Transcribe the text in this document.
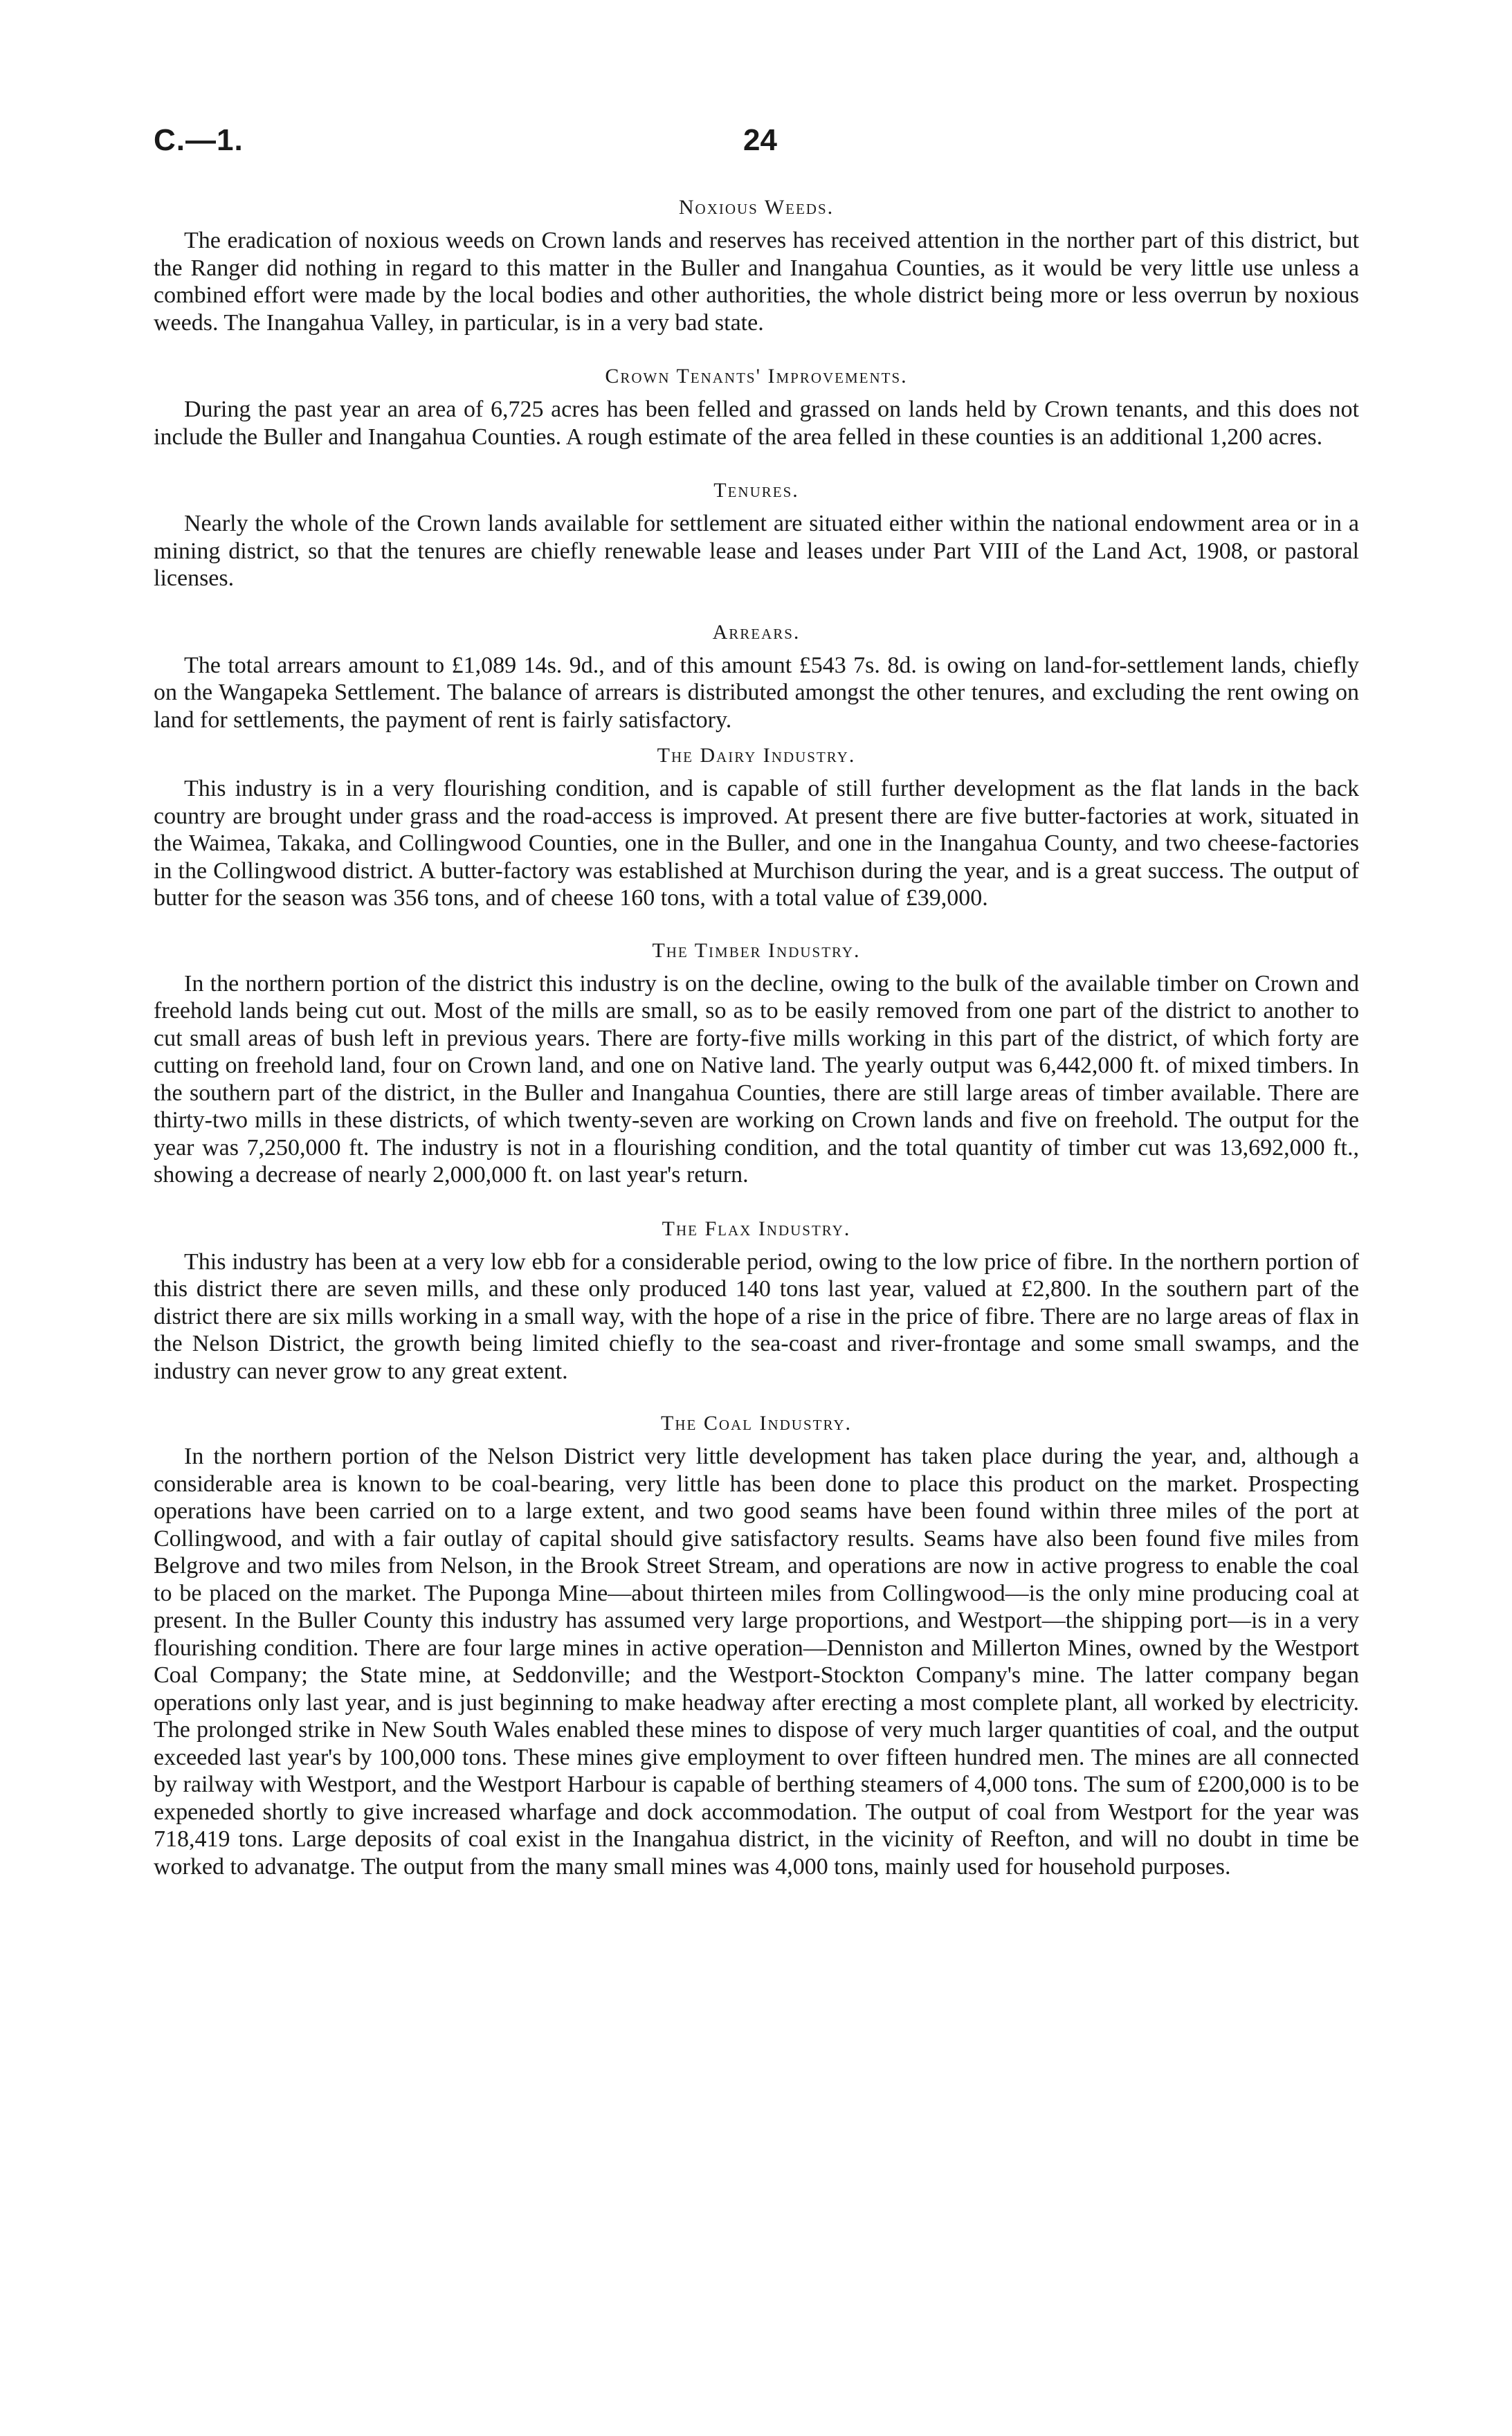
C.—1.	24
Noxious Weeds.

The eradication of noxious weeds on Crown lands and reserves has received attention in the norther part of this district, but the Ranger did nothing in regard to this matter in the Buller and Inangahua Counties, as it would be very little use unless a combined effort were made by the local bodies and other authorities, the whole district being more or less overrun by noxious weeds. The Inangahua Valley, in particular, is in a very bad state.

Crown Tenants' Improvements.

During the past year an area of 6,725 acres has been felled and grassed on lands held by Crown tenants, and this does not include the Buller and Inangahua Counties. A rough estimate of the area felled in these counties is an additional 1,200 acres.

Tenures.

Nearly the whole of the Crown lands available for settlement are situated either within the national endowment area or in a mining district, so that the tenures are chiefly renewable lease and leases under Part VIII of the Land Act, 1908, or pastoral licenses.

Arrears.

The total arrears amount to £1,089 14s. 9d., and of this amount £543 7s. 8d. is owing on land-for-settlement lands, chiefly on the Wangapeka Settlement. The balance of arrears is distributed amongst the other tenures, and excluding the rent owing on land for settlements, the payment of rent is fairly satisfactory.

The Dairy Industry.

This industry is in a very flourishing condition, and is capable of still further development as the flat lands in the back country are brought under grass and the road-access is improved. At present there are five butter-factories at work, situated in the Waimea, Takaka, and Collingwood Counties, one in the Buller, and one in the Inangahua County, and two cheese-factories in the Collingwood district. A butter-factory was established at Murchison during the year, and is a great success. The output of butter for the season was 356 tons, and of cheese 160 tons, with a total value of £39,000.

The Timber Industry.

In the northern portion of the district this industry is on the decline, owing to the bulk of the available timber on Crown and freehold lands being cut out. Most of the mills are small, so as to be easily removed from one part of the district to another to cut small areas of bush left in previous years. There are forty-five mills working in this part of the district, of which forty are cutting on freehold land, four on Crown land, and one on Native land. The yearly output was 6,442,000 ft. of mixed timbers. In the southern part of the district, in the Buller and Inangahua Counties, there are still large areas of timber available. There are thirty-two mills in these districts, of which twenty-seven are working on Crown lands and five on freehold. The output for the year was 7,250,000 ft. The industry is not in a flourishing condition, and the total quantity of timber cut was 13,692,000 ft., showing a decrease of nearly 2,000,000 ft. on last year's return.

The Flax Industry.

This industry has been at a very low ebb for a considerable period, owing to the low price of fibre. In the northern portion of this district there are seven mills, and these only produced 140 tons last year, valued at £2,800. In the southern part of the district there are six mills working in a small way, with the hope of a rise in the price of fibre. There are no large areas of flax in the Nelson District, the growth being limited chiefly to the sea-coast and river-frontage and some small swamps, and the industry can never grow to any great extent.

The Coal Industry.

In the northern portion of the Nelson District very little development has taken place during the year, and, although a considerable area is known to be coal-bearing, very little has been done to place this product on the market. Prospecting operations have been carried on to a large extent, and two good seams have been found within three miles of the port at Collingwood, and with a fair outlay of capital should give satisfactory results. Seams have also been found five miles from Belgrove and two miles from Nelson, in the Brook Street Stream, and operations are now in active progress to enable the coal to be placed on the market. The Puponga Mine—about thirteen miles from Collingwood—is the only mine producing coal at present. In the Buller County this industry has assumed very large proportions, and Westport—the shipping port—is in a very flourishing condition. There are four large mines in active operation—Denniston and Millerton Mines, owned by the Westport Coal Company; the State mine, at Seddonville; and the Westport-Stockton Company's mine. The latter company began operations only last year, and is just beginning to make headway after erecting a most complete plant, all worked by electricity. The prolonged strike in New South Wales enabled these mines to dispose of very much larger quantities of coal, and the output exceeded last year's by 100,000 tons. These mines give employment to over fifteen hundred men. The mines are all connected by railway with Westport, and the Westport Harbour is capable of berthing steamers of 4,000 tons. The sum of £200,000 is to be expeneded shortly to give increased wharfage and dock accommodation. The output of coal from Westport for the year was 718,419 tons. Large deposits of coal exist in the Inangahua district, in the vicinity of Reefton, and will no doubt in time be worked to advanatge. The output from the many small mines was 4,000 tons, mainly used for household purposes.
